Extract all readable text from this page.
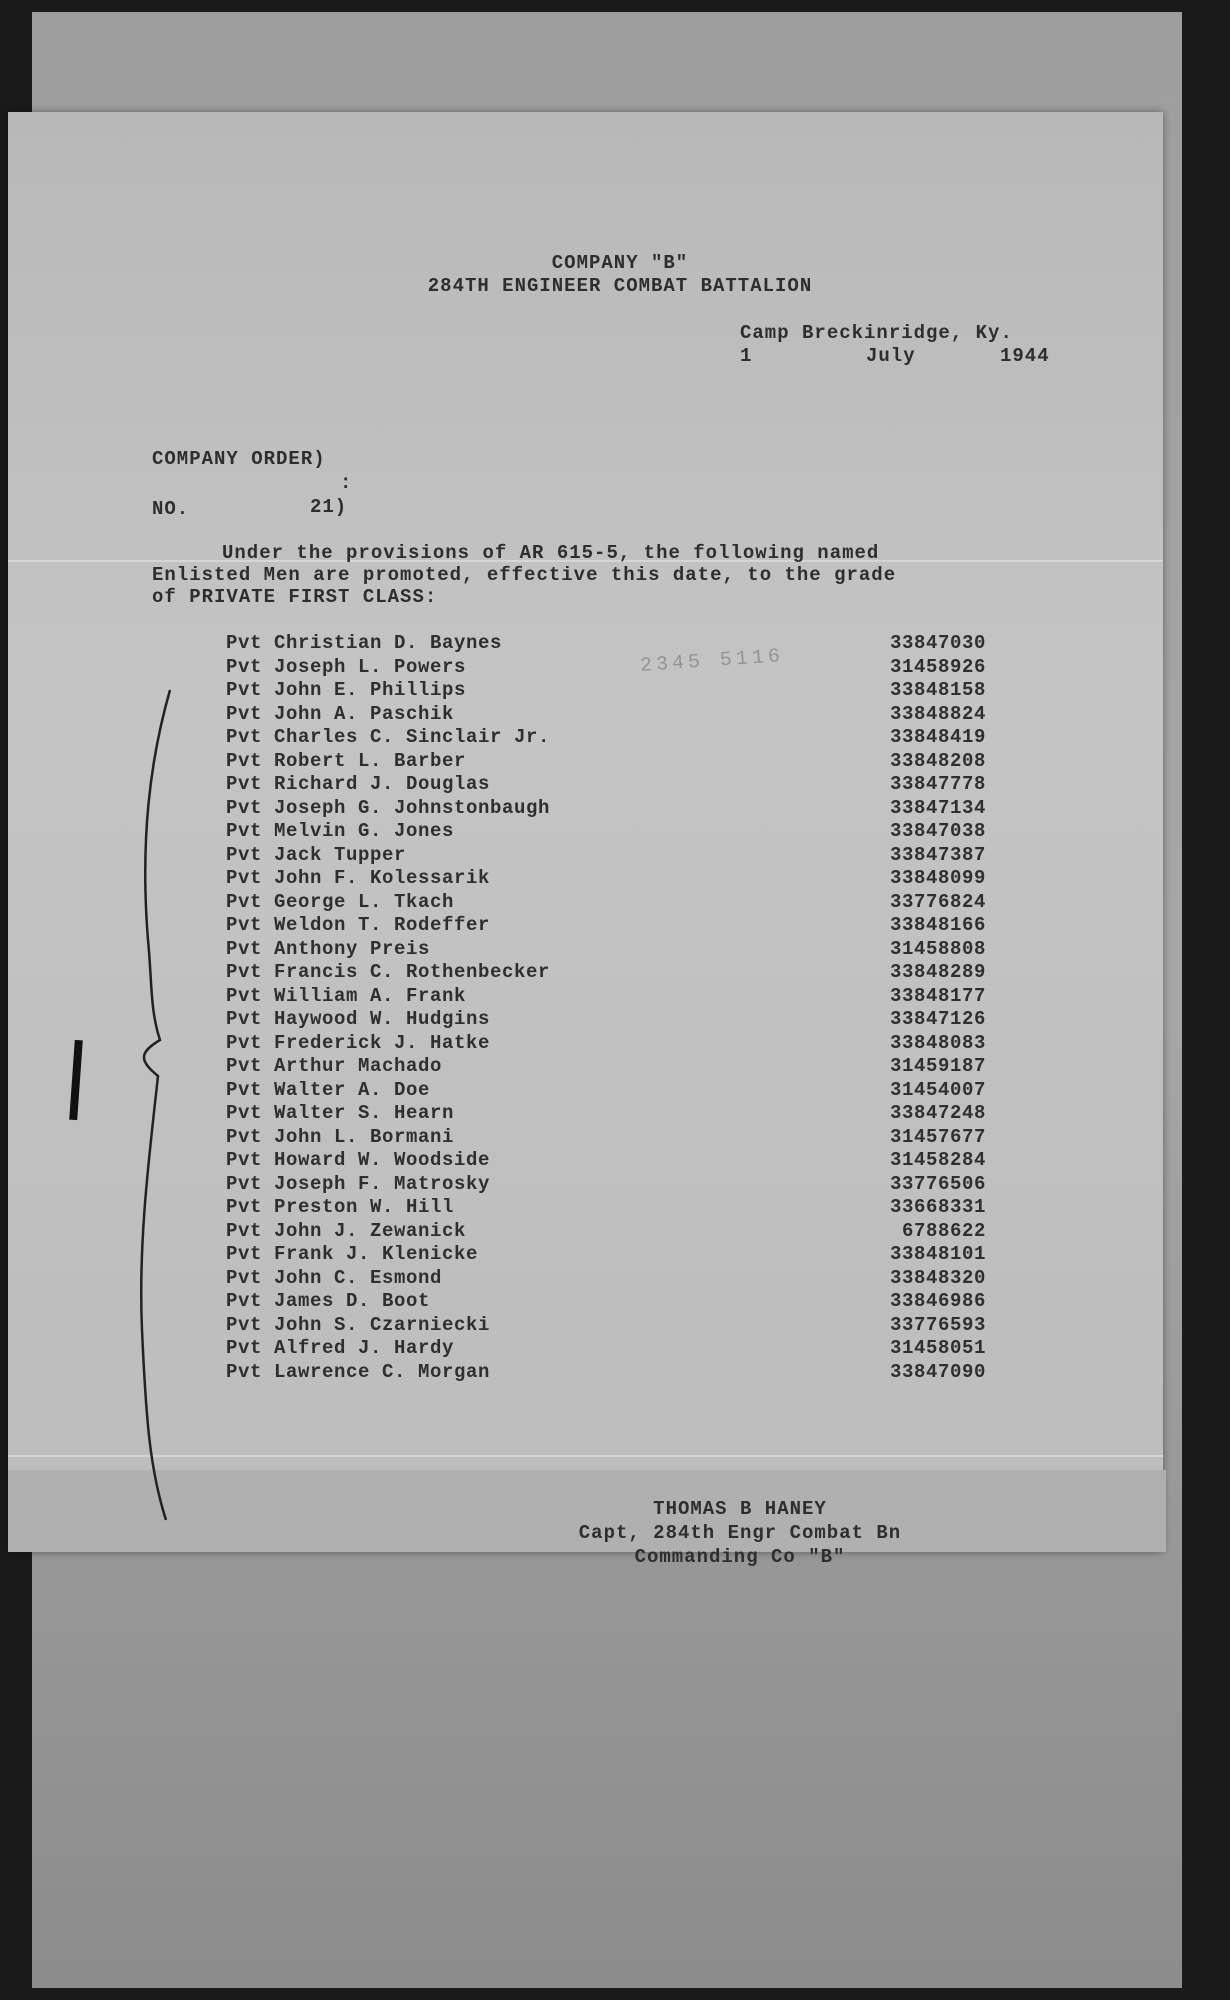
COMPANY "B"
284TH ENGINEER COMBAT BATTALION
Camp Breckinridge, Ky.
1	July	1944
COMPANY ORDER)
:
NO.	21)
Under the provisions of AR 615-5, the following named
Enlisted Men are promoted, effective this date, to the grade
of PRIVATE FIRST CLASS:
2345 5116
Pvt Christian D. Baynes	33847030
Pvt Joseph L. Powers	31458926
Pvt John E. Phillips	33848158
Pvt John A. Paschik	33848824
Pvt Charles C. Sinclair Jr.	33848419
Pvt Robert L. Barber	33848208
Pvt Richard J. Douglas	33847778
Pvt Joseph G. Johnstonbaugh	33847134
Pvt Melvin G. Jones	33847038
Pvt Jack Tupper	33847387
Pvt John F. Kolessarik	33848099
Pvt George L. Tkach	33776824
Pvt Weldon T. Rodeffer	33848166
Pvt Anthony Preis	31458808
Pvt Francis C. Rothenbecker	33848289
Pvt William A. Frank	33848177
Pvt Haywood W. Hudgins	33847126
Pvt Frederick J. Hatke	33848083
Pvt Arthur Machado	31459187
Pvt Walter A. Doe	31454007
Pvt Walter S. Hearn	33847248
Pvt John L. Bormani	31457677
Pvt Howard W. Woodside	31458284
Pvt Joseph F. Matrosky	33776506
Pvt Preston W. Hill	33668331
Pvt John J. Zewanick	6788622
Pvt Frank J. Klenicke	33848101
Pvt John C. Esmond	33848320
Pvt James D. Boot	33846986
Pvt John S. Czarniecki	33776593
Pvt Alfred J. Hardy	31458051
Pvt Lawrence C. Morgan	33847090
THOMAS B HANEY
Capt, 284th Engr Combat Bn
Commanding Co "B"
